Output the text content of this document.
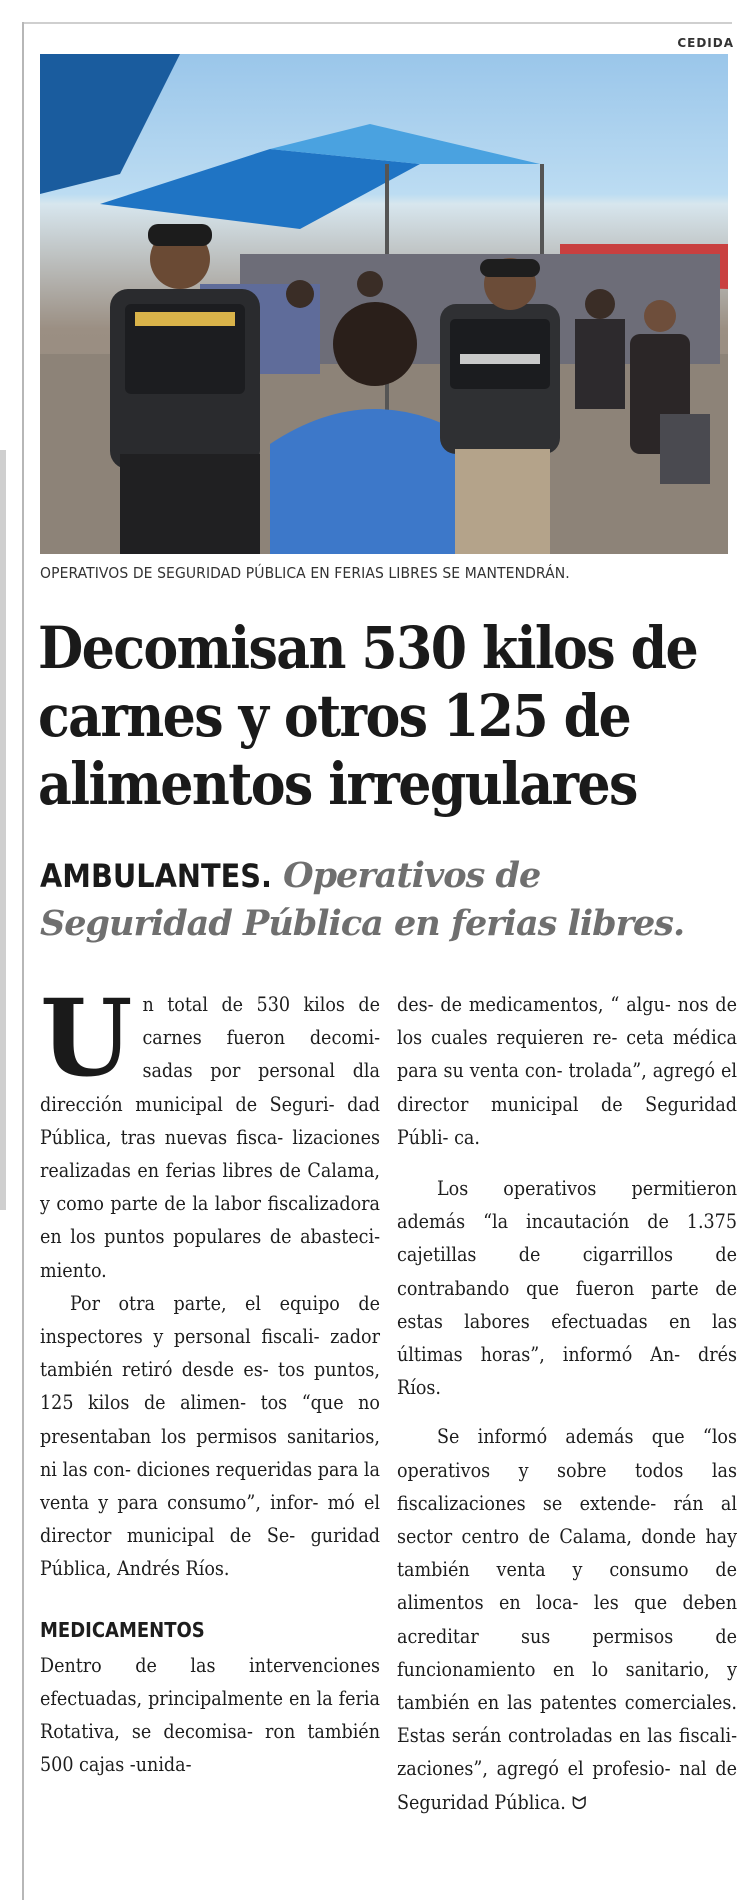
CEDIDA
OPERATIVOS DE SEGURIDAD PÚBLICA EN FERIAS LIBRES SE MANTENDRÁN.
Decomisan 530 kilos de
carnes y otros 125 de
alimentos irregulares

AMBULANTES. Operativos de Seguridad Pública en ferias libres.

U n total de 530 kilos de carnes fueron decomi- sadas por personal dla dirección municipal de Seguri- dad Pública, tras nuevas fisca- lizaciones realizadas en ferias libres de Calama, y como parte de la labor fiscalizadora en los puntos populares de abasteci- miento.

Por otra parte, el equipo de inspectores y personal fiscali- zador también retiró desde es- tos puntos, 125 kilos de alimen- tos “que no presentaban los permisos sanitarios, ni las con- diciones requeridas para la venta y para consumo”, infor- mó el director municipal de Se- guridad Pública, Andrés Ríos.

MEDICAMENTOS

Dentro de las intervenciones efectuadas, principalmente en la feria Rotativa, se decomisa- ron también 500 cajas -unida-

des- de medicamentos, “ algu- nos de los cuales requieren re- ceta médica para su venta con- trolada”, agregó el director municipal de Seguridad Públi- ca.

Los operativos permitieron además “la incautación de 1.375 cajetillas de cigarrillos de contrabando que fueron parte de estas labores efectuadas en las últimas horas”, informó An- drés Ríos.

Se informó además que “los operativos y sobre todos las fiscalizaciones se extende- rán al sector centro de Calama, donde hay también venta y consumo de alimentos en loca- les que deben acreditar sus permisos de funcionamiento en lo sanitario, y también en las patentes comerciales. Estas serán controladas en las fiscali- zaciones”, agregó el profesio- nal de Seguridad Pública. ᗢ
